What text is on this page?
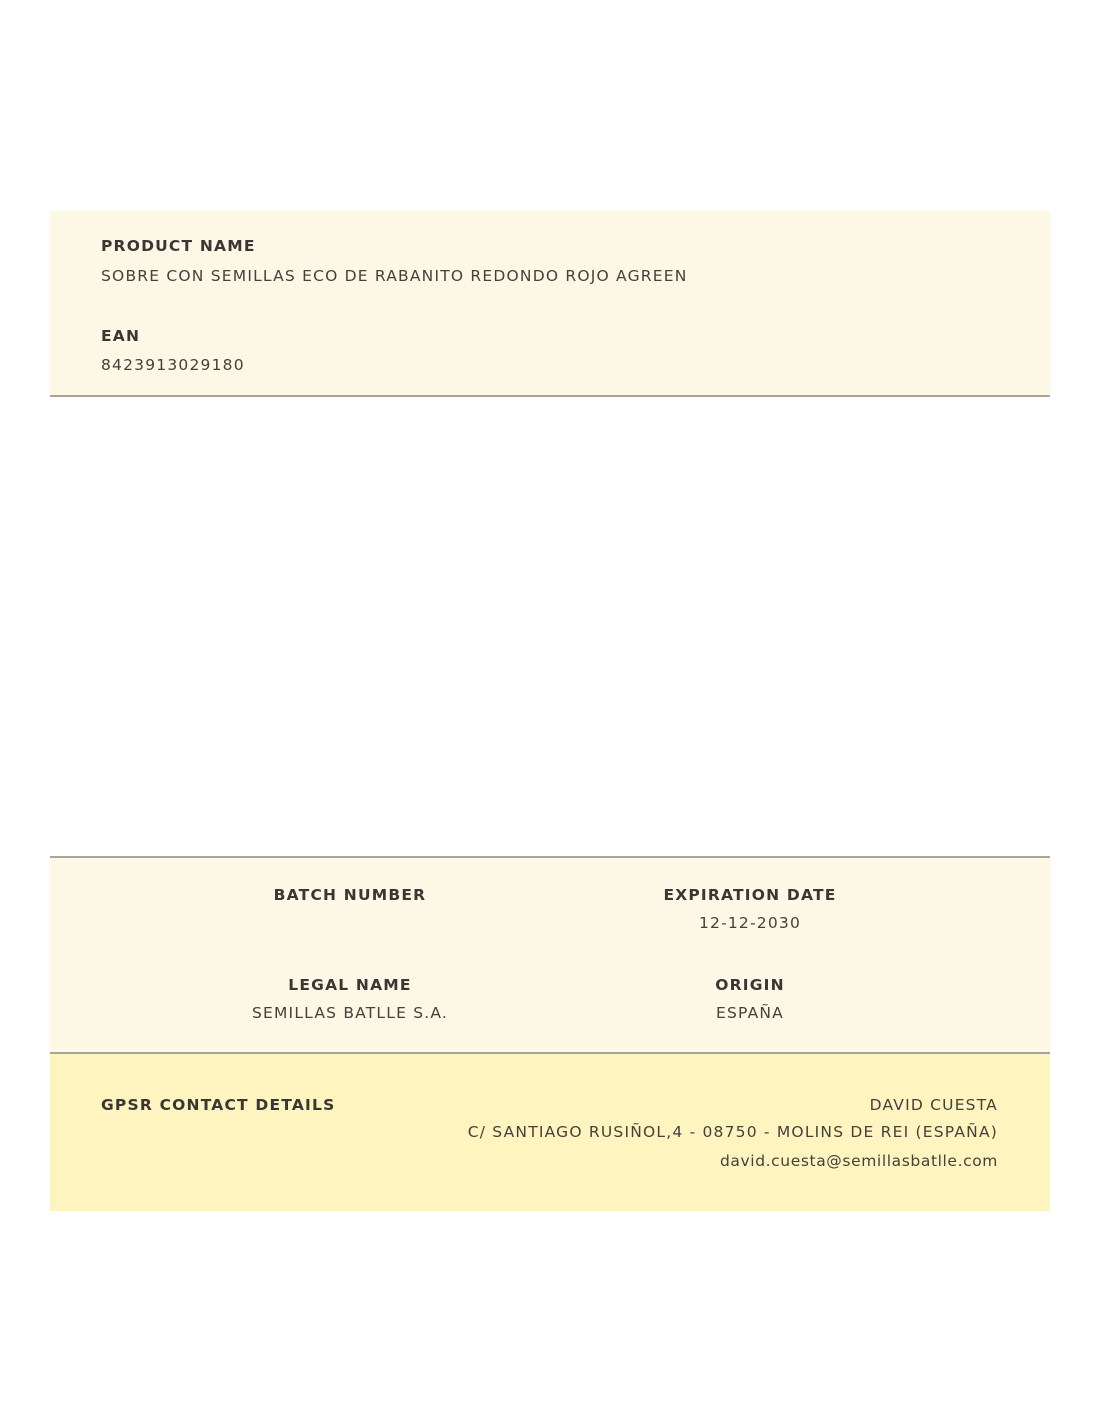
PRODUCT NAME
SOBRE CON SEMILLAS ECO DE RABANITO REDONDO ROJO AGREEN
EAN
8423913029180
BATCH NUMBER	EXPIRATION DATE
12-12-2030
LEGAL NAME
SEMILLAS BATLLE S.A.
ORIGIN
ESPAÑA
GPSR CONTACT DETAILS	DAVID CUESTA
C/ SANTIAGO RUSIÑOL,4 - 08750 - MOLINS DE REI (ESPAÑA)
david.cuesta@semillasbatlle.com
